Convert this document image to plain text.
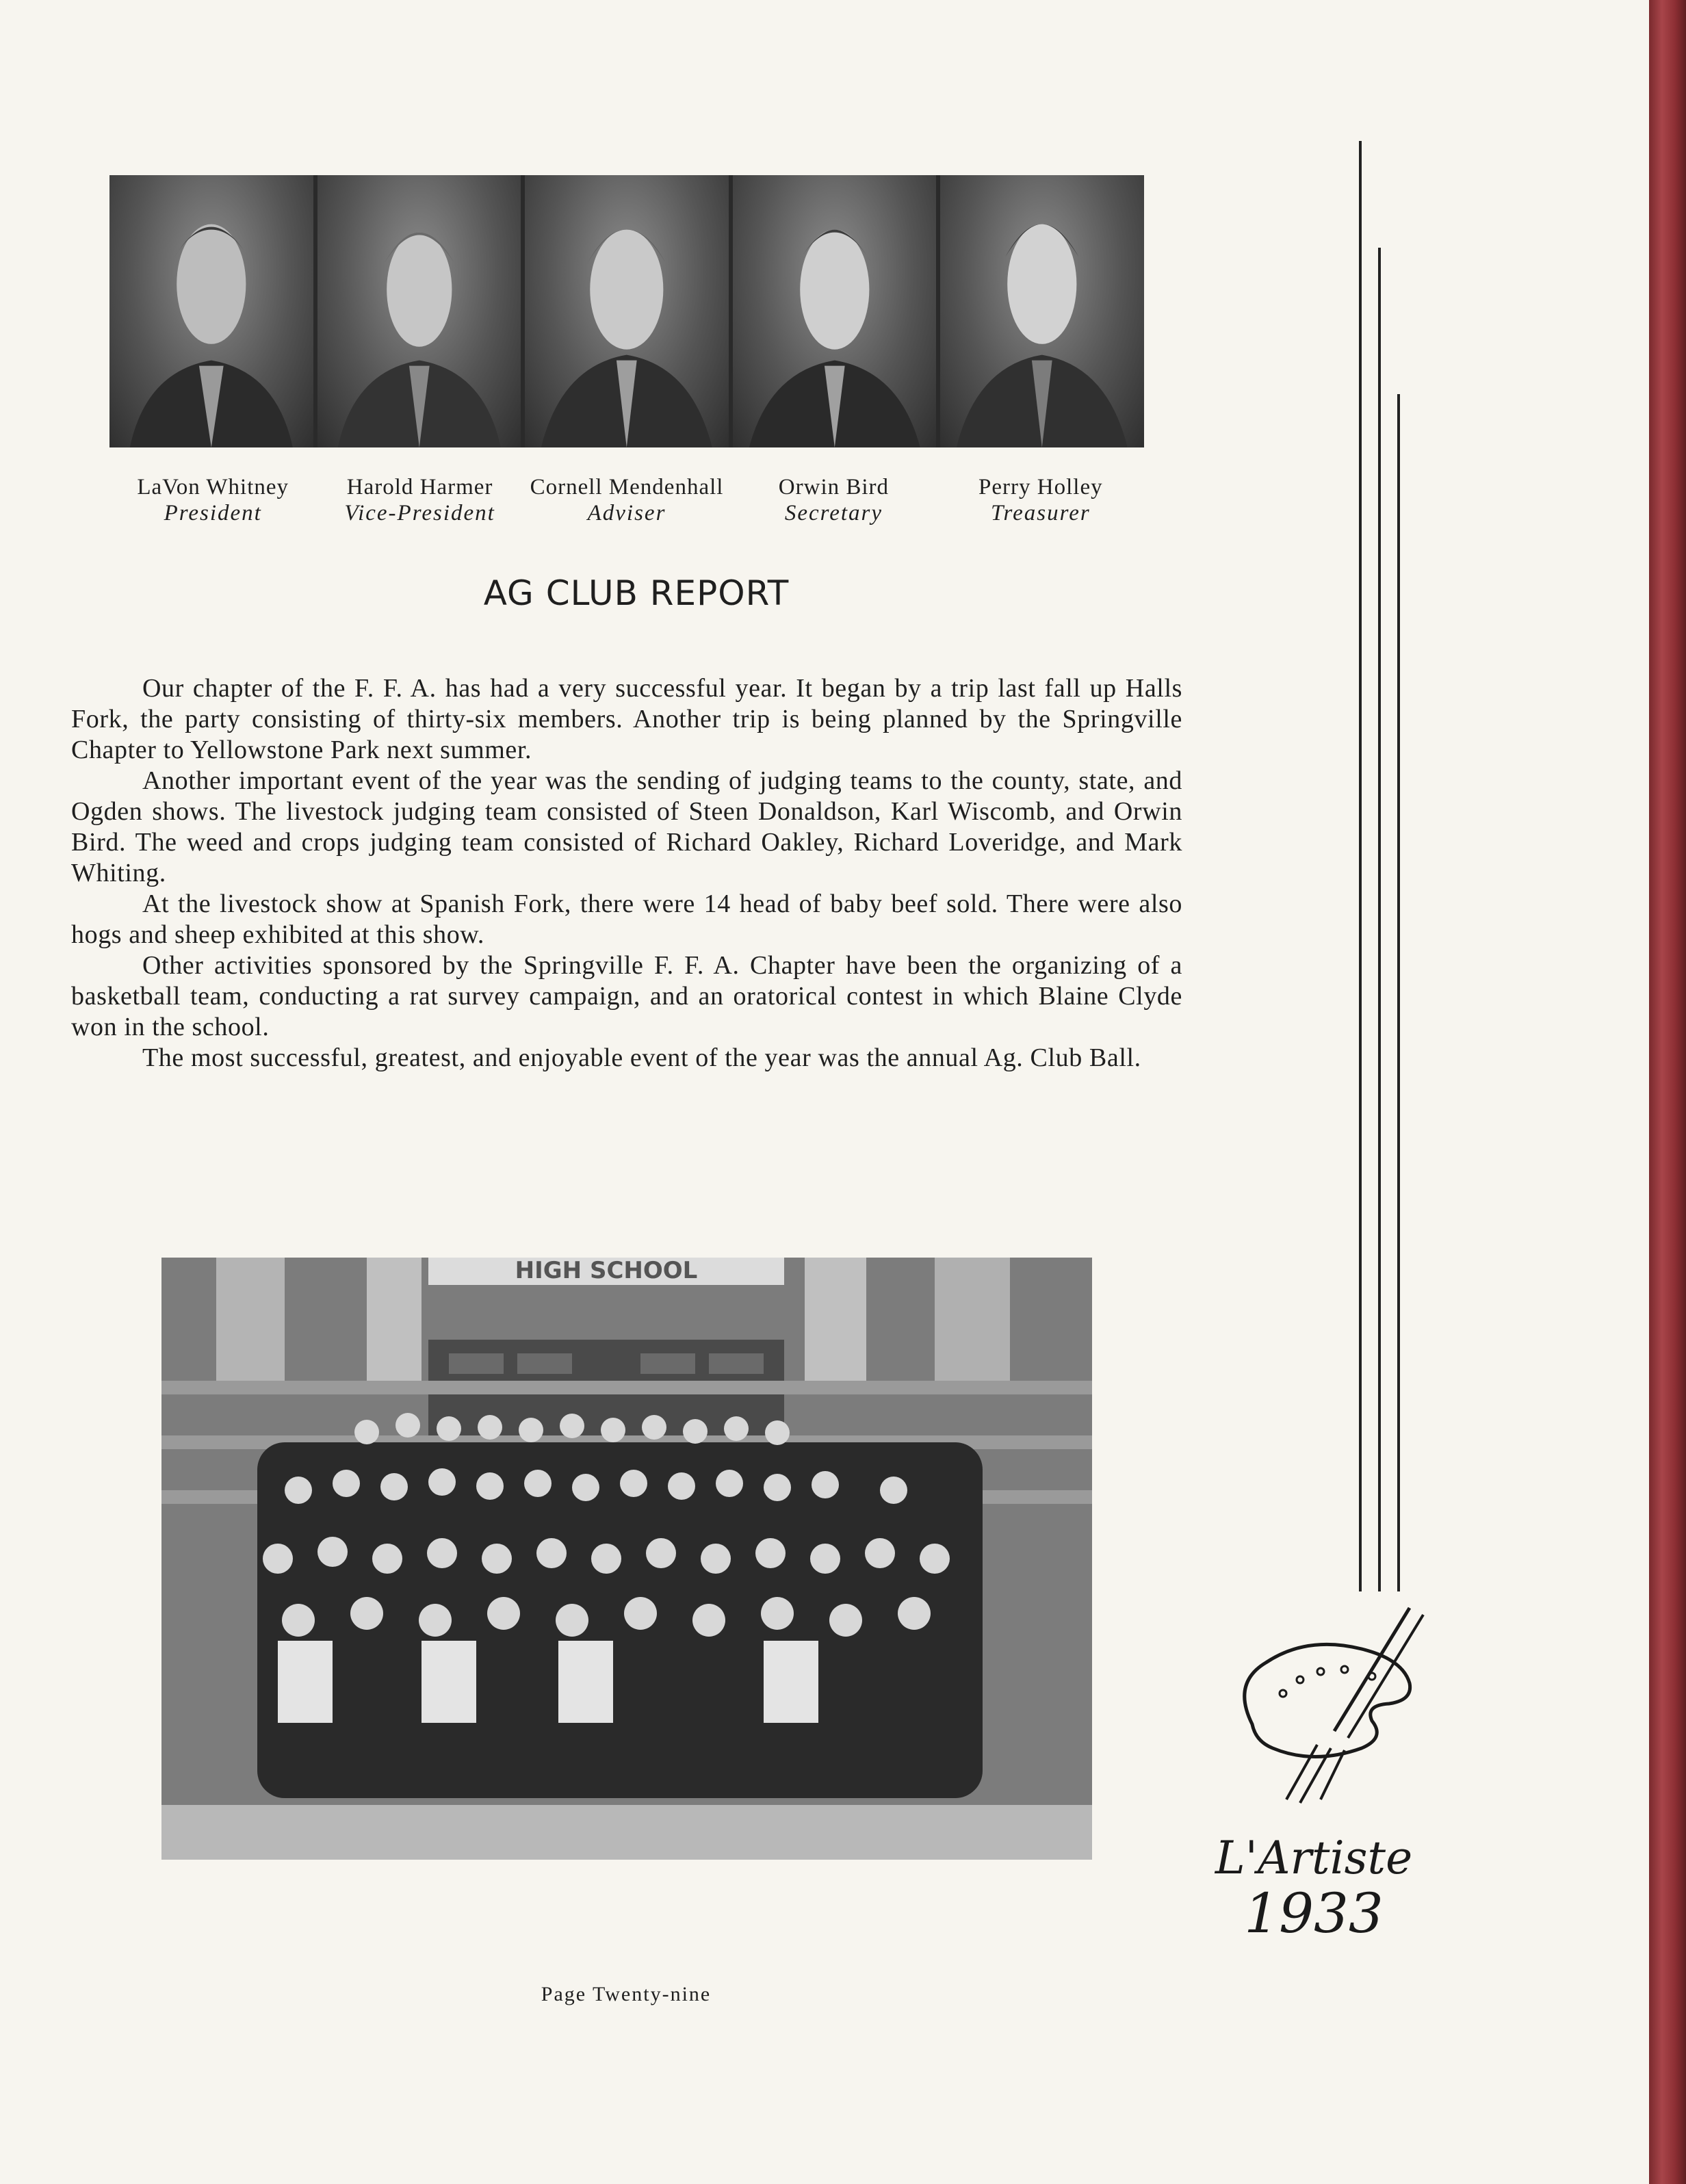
LaVon Whitney
President
Harold Harmer
Vice-President
Cornell Mendenhall
Adviser
Orwin Bird
Secretary
Perry Holley
Treasurer
AG CLUB REPORT

Our chapter of the F. F. A. has had a very successful year. It began by a trip last fall up Halls Fork, the party consisting of thirty-six members. Another trip is being planned by the Springville Chapter to Yellowstone Park next summer.

Another important event of the year was the sending of judging teams to the county, state, and Ogden shows. The livestock judging team consisted of Steen Donaldson, Karl Wiscomb, and Orwin Bird. The weed and crops judging team consisted of Richard Oakley, Richard Loveridge, and Mark Whiting.

At the livestock show at Spanish Fork, there were 14 head of baby beef sold. There were also hogs and sheep exhibited at this show.

Other activities sponsored by the Springville F. F. A. Chapter have been the organizing of a basketball team, conducting a rat survey campaign, and an oratorical contest in which Blaine Clyde won in the school.

The most successful, greatest, and enjoyable event of the year was the annual Ag. Club Ball.

HIGH SCHOOL
Page Twenty-nine
L'Artiste
1933
